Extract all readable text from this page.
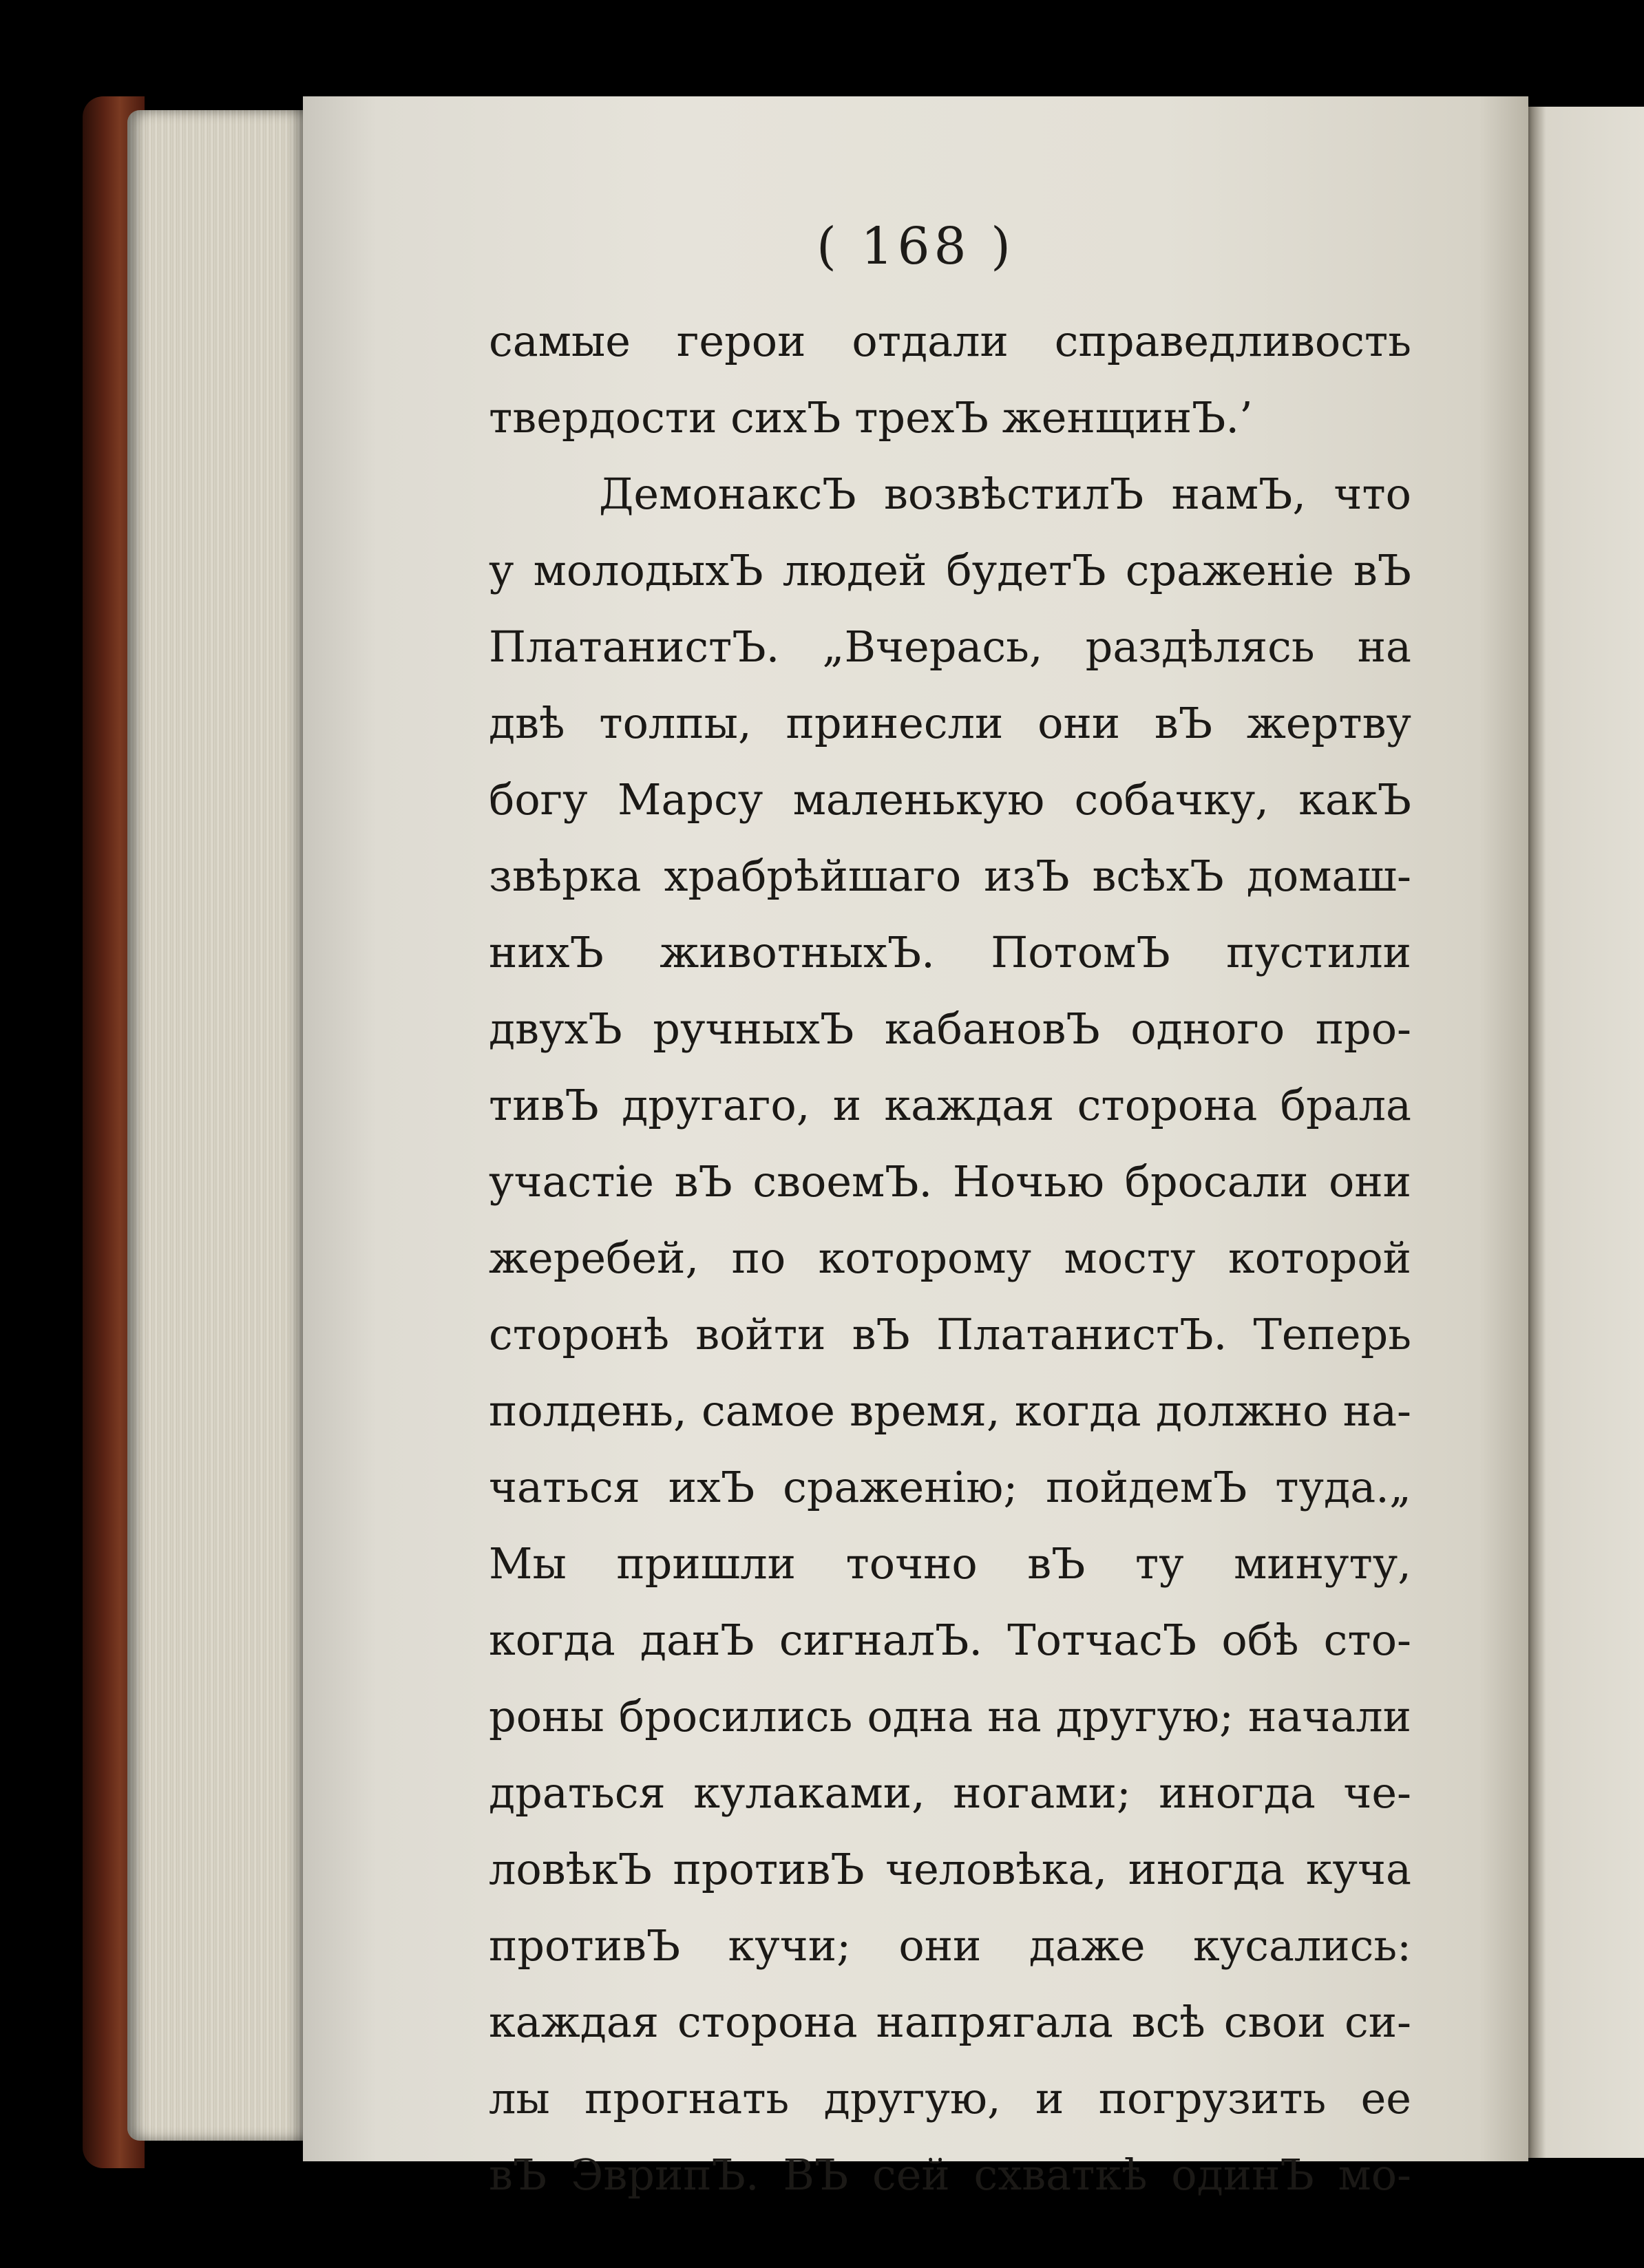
( 168 )
самые герои отдали справедливость
твердости сихЪ трехЪ женщинЪ.’
ДемонаксЪ возвѣстилЪ намЪ, что
у молодыхЪ людей будетЪ сраженіе вЪ
ПлатанистЪ. „Вчерась, раздѣлясь на
двѣ толпы, принесли они вЪ жертву
богу Марсу маленькую собачку, какЪ
звѣрка храбрѣйшаго изЪ всѣхЪ домаш-
нихЪ животныхЪ. ПотомЪ пустили
двухЪ ручныхЪ кабановЪ одного про-
тивЪ другаго, и каждая сторона брала
участіе вЪ своемЪ. Ночью бросали они
жеребей, по которому мосту которой
сторонѣ войти вЪ ПлатанистЪ. Теперь
полдень, самое время, когда должно на-
чаться ихЪ сраженію; пойдемЪ туда.„
Мы пришли точно вЪ ту минуту,
когда данЪ сигналЪ. ТотчасЪ обѣ сто-
роны бросились одна на другую; начали
драться кулаками, ногами; иногда че-
ловѣкЪ противЪ человѣка, иногда куча
противЪ кучи; они даже кусались:
каждая сторона напрягала всѣ свои си-
лы прогнать другую, и погрузить ее
вЪ ЭврипЪ. ВЪ сей схваткѣ одинЪ мо-
